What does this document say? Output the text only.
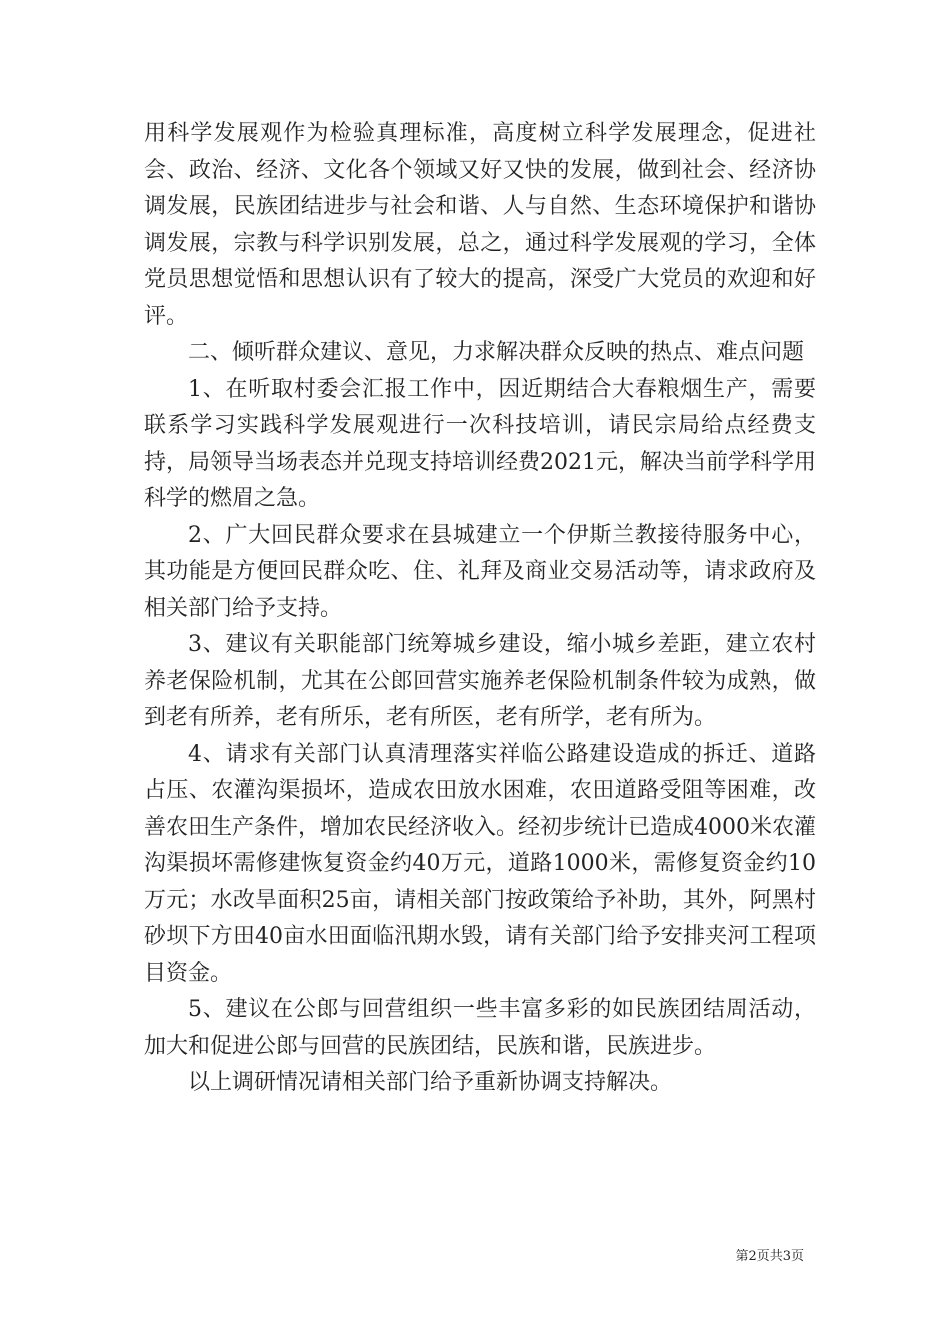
用科学发展观作为检验真理标准，高度树立科学发展理念，促进社会、政治、经济、文化各个领域又好又快的发展，做到社会、经济协调发展，民族团结进步与社会和谐、人与自然、生态环境保护和谐协调发展，宗教与科学识别发展，总之，通过科学发展观的学习，全体党员思想觉悟和思想认识有了较大的提高，深受广大党员的欢迎和好评。

二、倾听群众建议、意见，力求解决群众反映的热点、难点问题

1、在听取村委会汇报工作中，因近期结合大春粮烟生产，需要联系学习实践科学发展观进行一次科技培训，请民宗局给点经费支持，局领导当场表态并兑现支持培训经费2021元，解决当前学科学用科学的燃眉之急。

2、广大回民群众要求在县城建立一个伊斯兰教接待服务中心，其功能是方便回民群众吃、住、礼拜及商业交易活动等，请求政府及相关部门给予支持。

3、建议有关职能部门统筹城乡建设，缩小城乡差距，建立农村养老保险机制，尤其在公郎回营实施养老保险机制条件较为成熟，做到老有所养，老有所乐，老有所医，老有所学，老有所为。

4、请求有关部门认真清理落实祥临公路建设造成的拆迁、道路占压、农灌沟渠损坏，造成农田放水困难，农田道路受阻等困难，改善农田生产条件，增加农民经济收入。经初步统计已造成4000米农灌沟渠损坏需修建恢复资金约40万元，道路1000米，需修复资金约10万元；水改旱面积25亩，请相关部门按政策给予补助，其外，阿黑村砂坝下方田40亩水田面临汛期水毁，请有关部门给予安排夹河工程项目资金。

5、建议在公郎与回营组织一些丰富多彩的如民族团结周活动，加大和促进公郎与回营的民族团结，民族和谐，民族进步。

以上调研情况请相关部门给予重新协调支持解决。

第2页共3页
